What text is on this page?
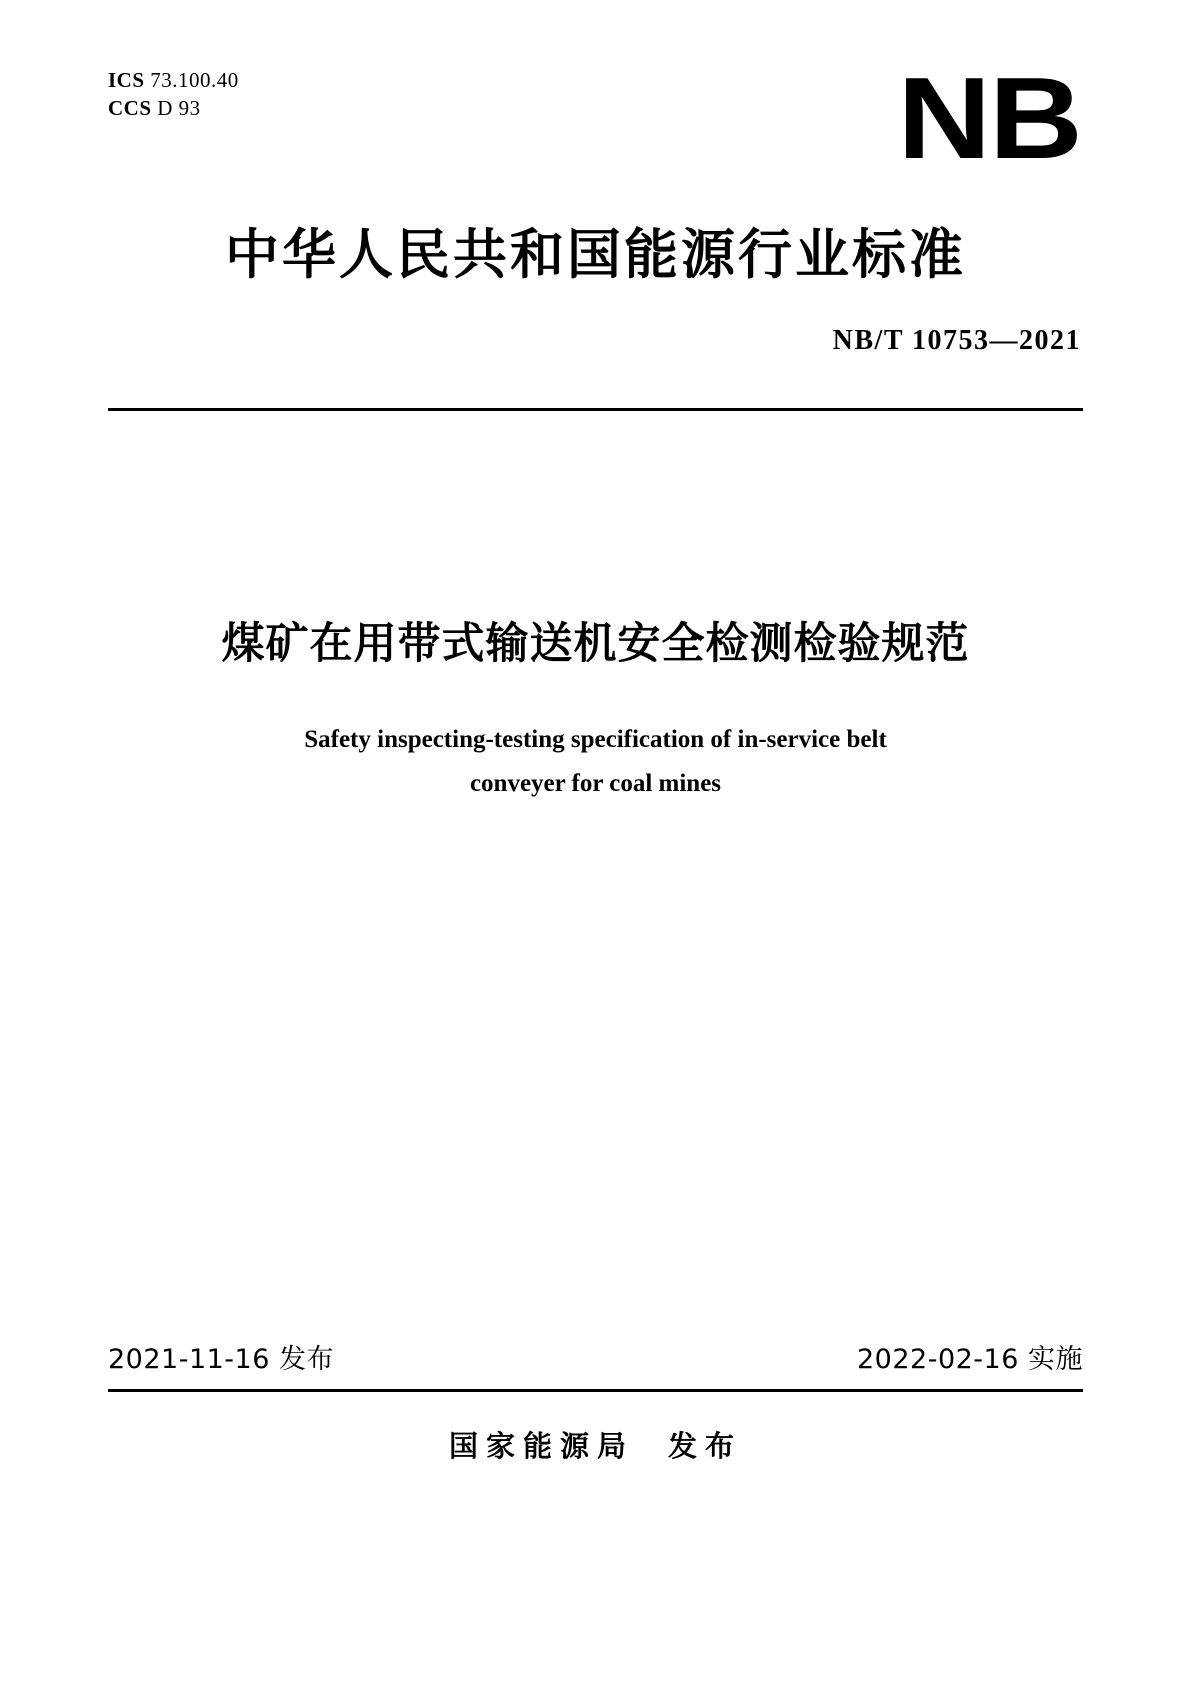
ICS 73.100.40
CCS D 93	NB
中华人民共和国能源行业标准
NB/T 10753—2021
煤矿在用带式输送机安全检测检验规范
Safety inspecting-testing specification of in-service belt
conveyer for coal mines
2021-11-16 发布	2022-02-16 实施
国家能源局 发布
